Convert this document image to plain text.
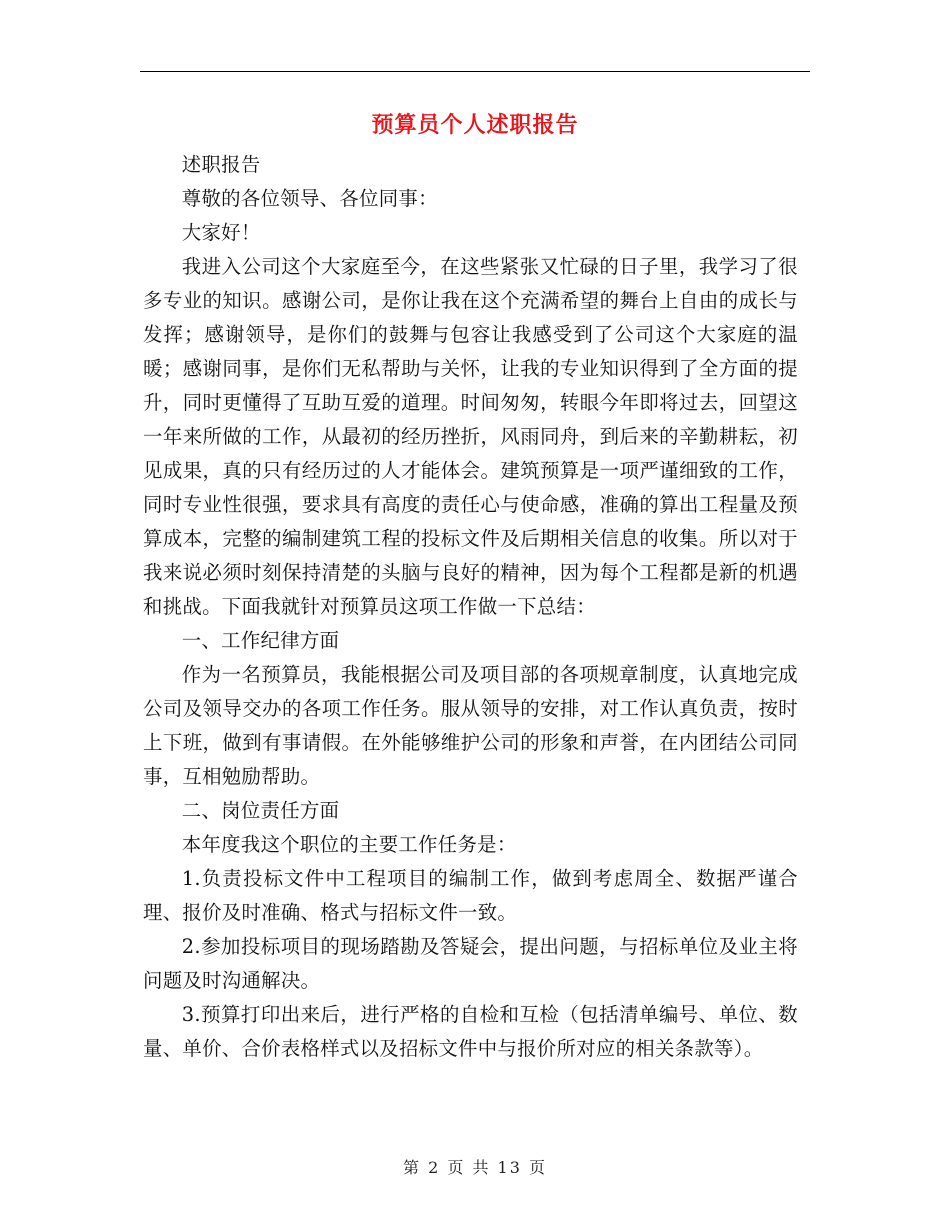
预算员个人述职报告

述职报告

尊敬的各位领导、各位同事：

大家好！

我进入公司这个大家庭至今，在这些紧张又忙碌的日子里，我学习了很多专业的知识。感谢公司，是你让我在这个充满希望的舞台上自由的成长与发挥；感谢领导，是你们的鼓舞与包容让我感受到了公司这个大家庭的温暖；感谢同事，是你们无私帮助与关怀，让我的专业知识得到了全方面的提升，同时更懂得了互助互爱的道理。时间匆匆，转眼今年即将过去，回望这一年来所做的工作，从最初的经历挫折，风雨同舟，到后来的辛勤耕耘，初见成果，真的只有经历过的人才能体会。建筑预算是一项严谨细致的工作，同时专业性很强，要求具有高度的责任心与使命感，准确的算出工程量及预算成本，完整的编制建筑工程的投标文件及后期相关信息的收集。所以对于我来说必须时刻保持清楚的头脑与良好的精神，因为每个工程都是新的机遇和挑战。下面我就针对预算员这项工作做一下总结：

一、工作纪律方面

作为一名预算员，我能根据公司及项目部的各项规章制度，认真地完成公司及领导交办的各项工作任务。服从领导的安排，对工作认真负责，按时上下班，做到有事请假。在外能够维护公司的形象和声誉，在内团结公司同事，互相勉励帮助。

二、岗位责任方面

本年度我这个职位的主要工作任务是：

1.负责投标文件中工程项目的编制工作，做到考虑周全、数据严谨合理、报价及时准确、格式与招标文件一致。

2.参加投标项目的现场踏勘及答疑会，提出问题，与招标单位及业主将问题及时沟通解决。

3.预算打印出来后，进行严格的自检和互检（包括清单编号、单位、数量、单价、合价表格样式以及招标文件中与报价所对应的相关条款等）。

第 2 页 共 13 页
